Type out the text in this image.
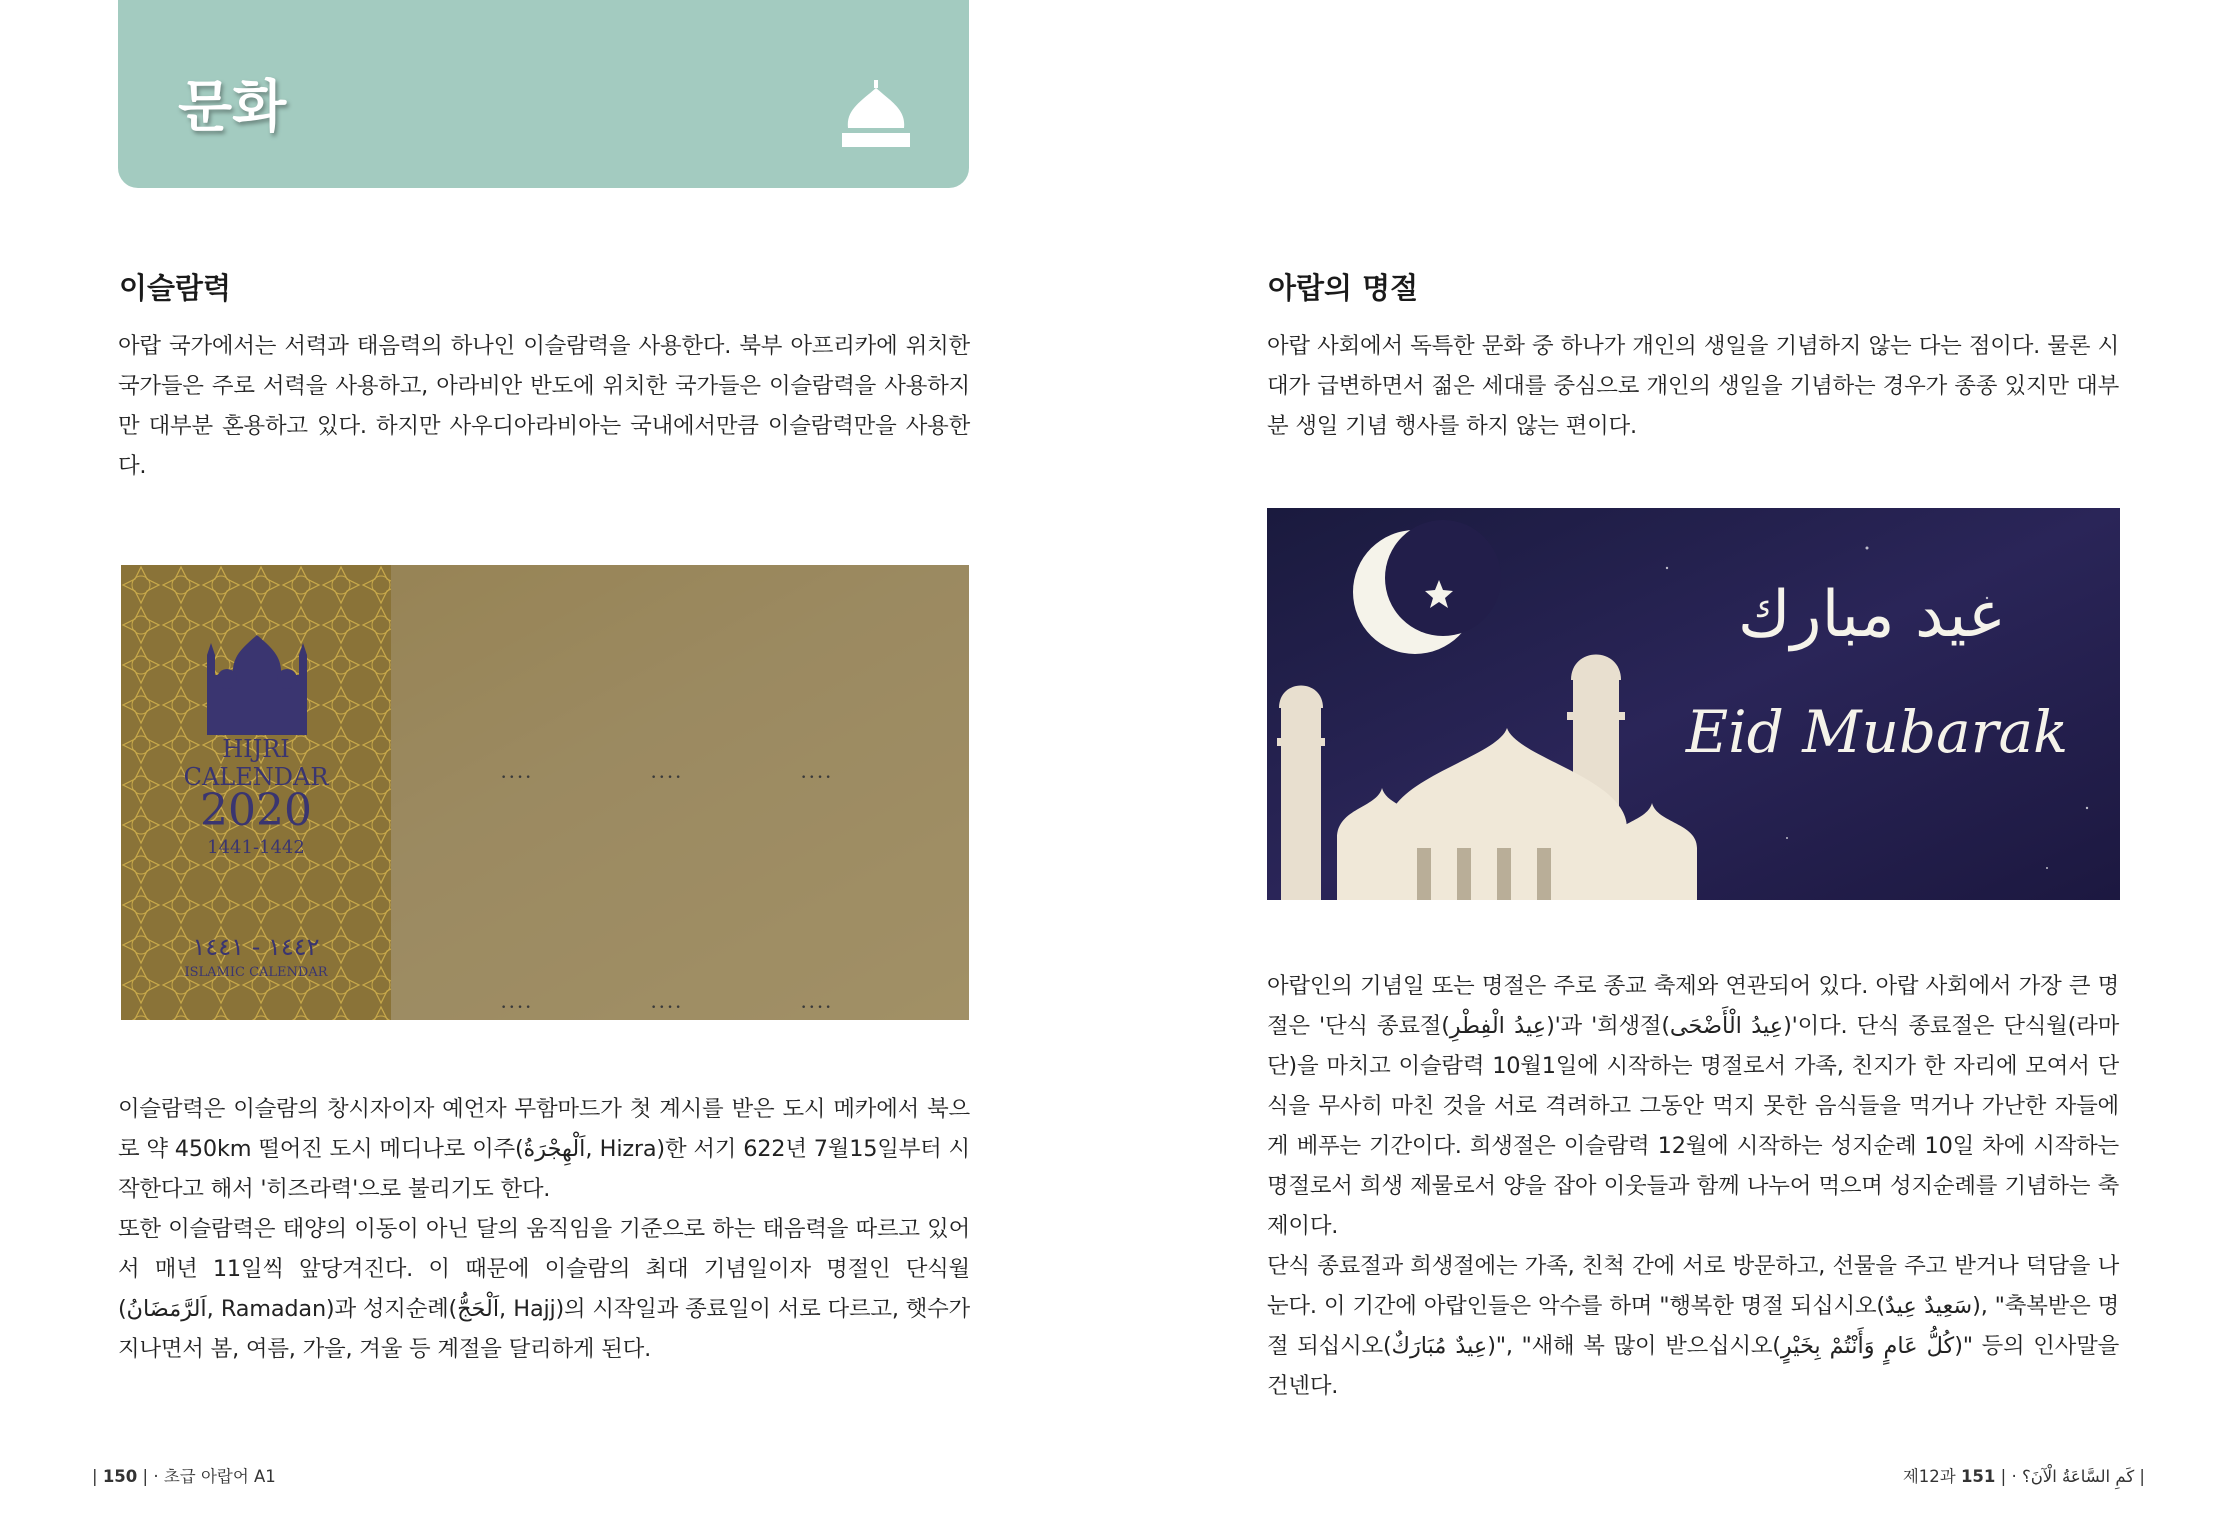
문화
이슬람력

아랍 국가에서는 서력과 태음력의 하나인 이슬람력을 사용한다. 북부 아프리카에 위치한 국가들은 주로 서력을 사용하고, 아라비안 반도에 위치한 국가들은 이슬람력을 사용하지만 대부분 혼용하고 있다. 하지만 사우디아라비아는 국내에서만큼 이슬람력만을 사용한다.

• • • •	• • • •	• • • •
• • • •	• • • •	• • • •
HIJRI
CALENDAR
2020
1441-1442
١٤٤٢ - ١٤٤١
ISLAMIC CALENDAR

이슬람력은 이슬람의 창시자이자 예언자 무함마드가 첫 계시를 받은 도시 메카에서 북으로 약 450km 떨어진 도시 메디나로 이주(اَلْهِجْرَةُ, Hizra)한 서기 622년 7월15일부터 시작한다고 해서 '히즈라력'으로 불리기도 한다.

또한 이슬람력은 태양의 이동이 아닌 달의 움직임을 기준으로 하는 태음력을 따르고 있어서 매년 11일씩 앞당겨진다. 이 때문에 이슬람의 최대 기념일이자 명절인 단식월(اَلرَّمَضَانُ, Ramadan)과 성지순례(اَلْحَجُّ, Hajj)의 시작일과 종료일이 서로 다르고, 햇수가 지나면서 봄, 여름, 가을, 겨울 등 계절을 달리하게 된다.

아랍의 명절

아랍 사회에서 독특한 문화 중 하나가 개인의 생일을 기념하지 않는 다는 점이다. 물론 시대가 급변하면서 젊은 세대를 중심으로 개인의 생일을 기념하는 경우가 종종 있지만 대부분 생일 기념 행사를 하지 않는 편이다.

عيد مبارك
Eid Mubarak

아랍인의 기념일 또는 명절은 주로 종교 축제와 연관되어 있다. 아랍 사회에서 가장 큰 명절은 '단식 종료절(عِيدُ الْفِطْرِ)'과 '희생절(عِيدُ الْأَضْحَى)'이다. 단식 종료절은 단식월(라마단)을 마치고 이슬람력 10월1일에 시작하는 명절로서 가족, 친지가 한 자리에 모여서 단식을 무사히 마친 것을 서로 격려하고 그동안 먹지 못한 음식들을 먹거나 가난한 자들에게 베푸는 기간이다. 희생절은 이슬람력 12월에 시작하는 성지순례 10일 차에 시작하는 명절로서 희생 제물로서 양을 잡아 이웃들과 함께 나누어 먹으며 성지순례를 기념하는 축제이다.

단식 종료절과 희생절에는 가족, 친척 간에 서로 방문하고, 선물을 주고 받거나 덕담을 나눈다. 이 기간에 아랍인들은 악수를 하며 "행복한 명절 되십시오(سَعِيدٌ عِيدٌ), "축복받은 명절 되십시오(عِيدٌ مُبَارَكٌ)", "새해 복 많이 받으십시오(كُلُّ عَامٍ وَأَنْتُمْ بِخَيْرٍ)" 등의 인사말을 건넨다.

| 150 | · 초급 아랍어 A1	제12과	كَمِ السَّاعَةُ الْآنَ؟ · | 151	|
